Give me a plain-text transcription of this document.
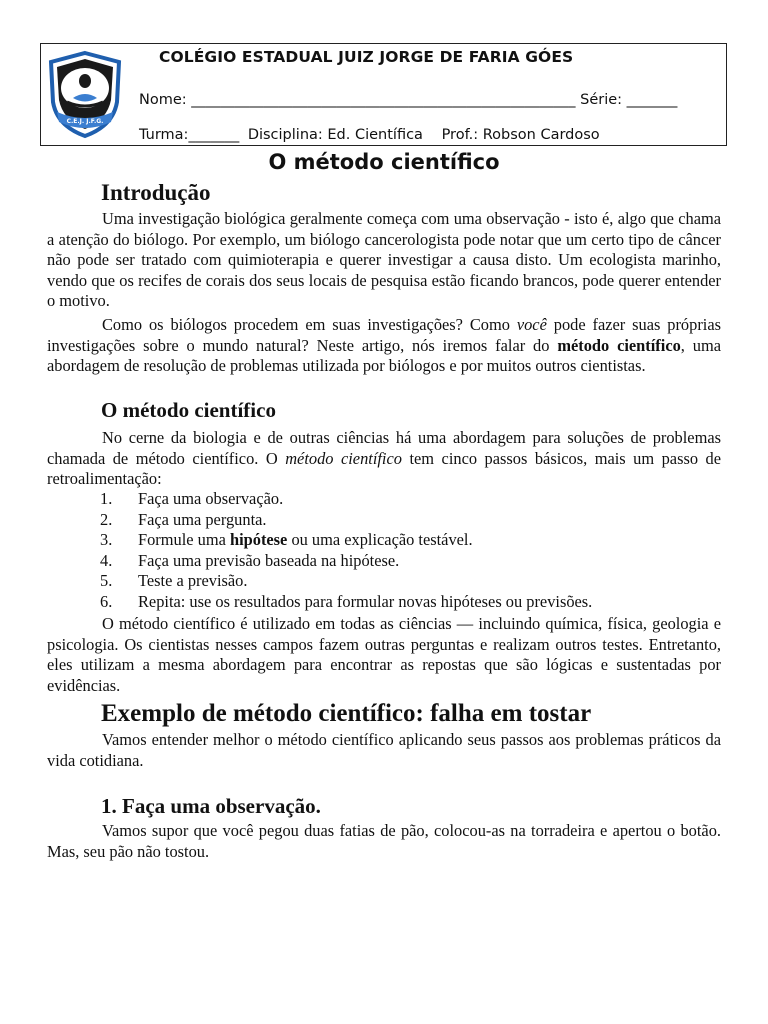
C.E.J. J.F.G.
COLÉGIO ESTADUAL JUIZ JORGE DE FARIA GÓES
Nome: _____________________________________________________ Série: _______
Turma:_______ Disciplina: Ed. Científica Prof.: Robson Cardoso
O método científico
Introdução

Uma investigação biológica geralmente começa com uma observação - isto é, algo que chama a atenção do biólogo. Por exemplo, um biólogo cancerologista pode notar que um certo tipo de câncer não pode ser tratado com quimioterapia e querer investigar a causa disto. Um ecologista marinho, vendo que os recifes de corais dos seus locais de pesquisa estão ficando brancos, pode querer entender o motivo.

Como os biólogos procedem em suas investigações? Como você pode fazer suas próprias investigações sobre o mundo natural? Neste artigo, nós iremos falar do método científico, uma abordagem de resolução de problemas utilizada por biólogos e por muitos outros cientistas.

O método científico

No cerne da biologia e de outras ciências há uma abordagem para soluções de problemas chamada de método científico. O método científico tem cinco passos básicos, mais um passo de retroalimentação:

1. Faça uma observação.
2. Faça uma pergunta.
3. Formule uma hipótese ou uma explicação testável.
4. Faça uma previsão baseada na hipótese.
5. Teste a previsão.
6. Repita: use os resultados para formular novas hipóteses ou previsões.

O método científico é utilizado em todas as ciências — incluindo química, física, geologia e psicologia. Os cientistas nesses campos fazem outras perguntas e realizam outros testes. Entretanto, eles utilizam a mesma abordagem para encontrar as repostas que são lógicas e sustentadas por evidências.

Exemplo de método científico: falha em tostar

Vamos entender melhor o método científico aplicando seus passos aos problemas práticos da vida cotidiana.

1. Faça uma observação.

Vamos supor que você pegou duas fatias de pão, colocou-as na torradeira e apertou o botão. Mas, seu pão não tostou.
